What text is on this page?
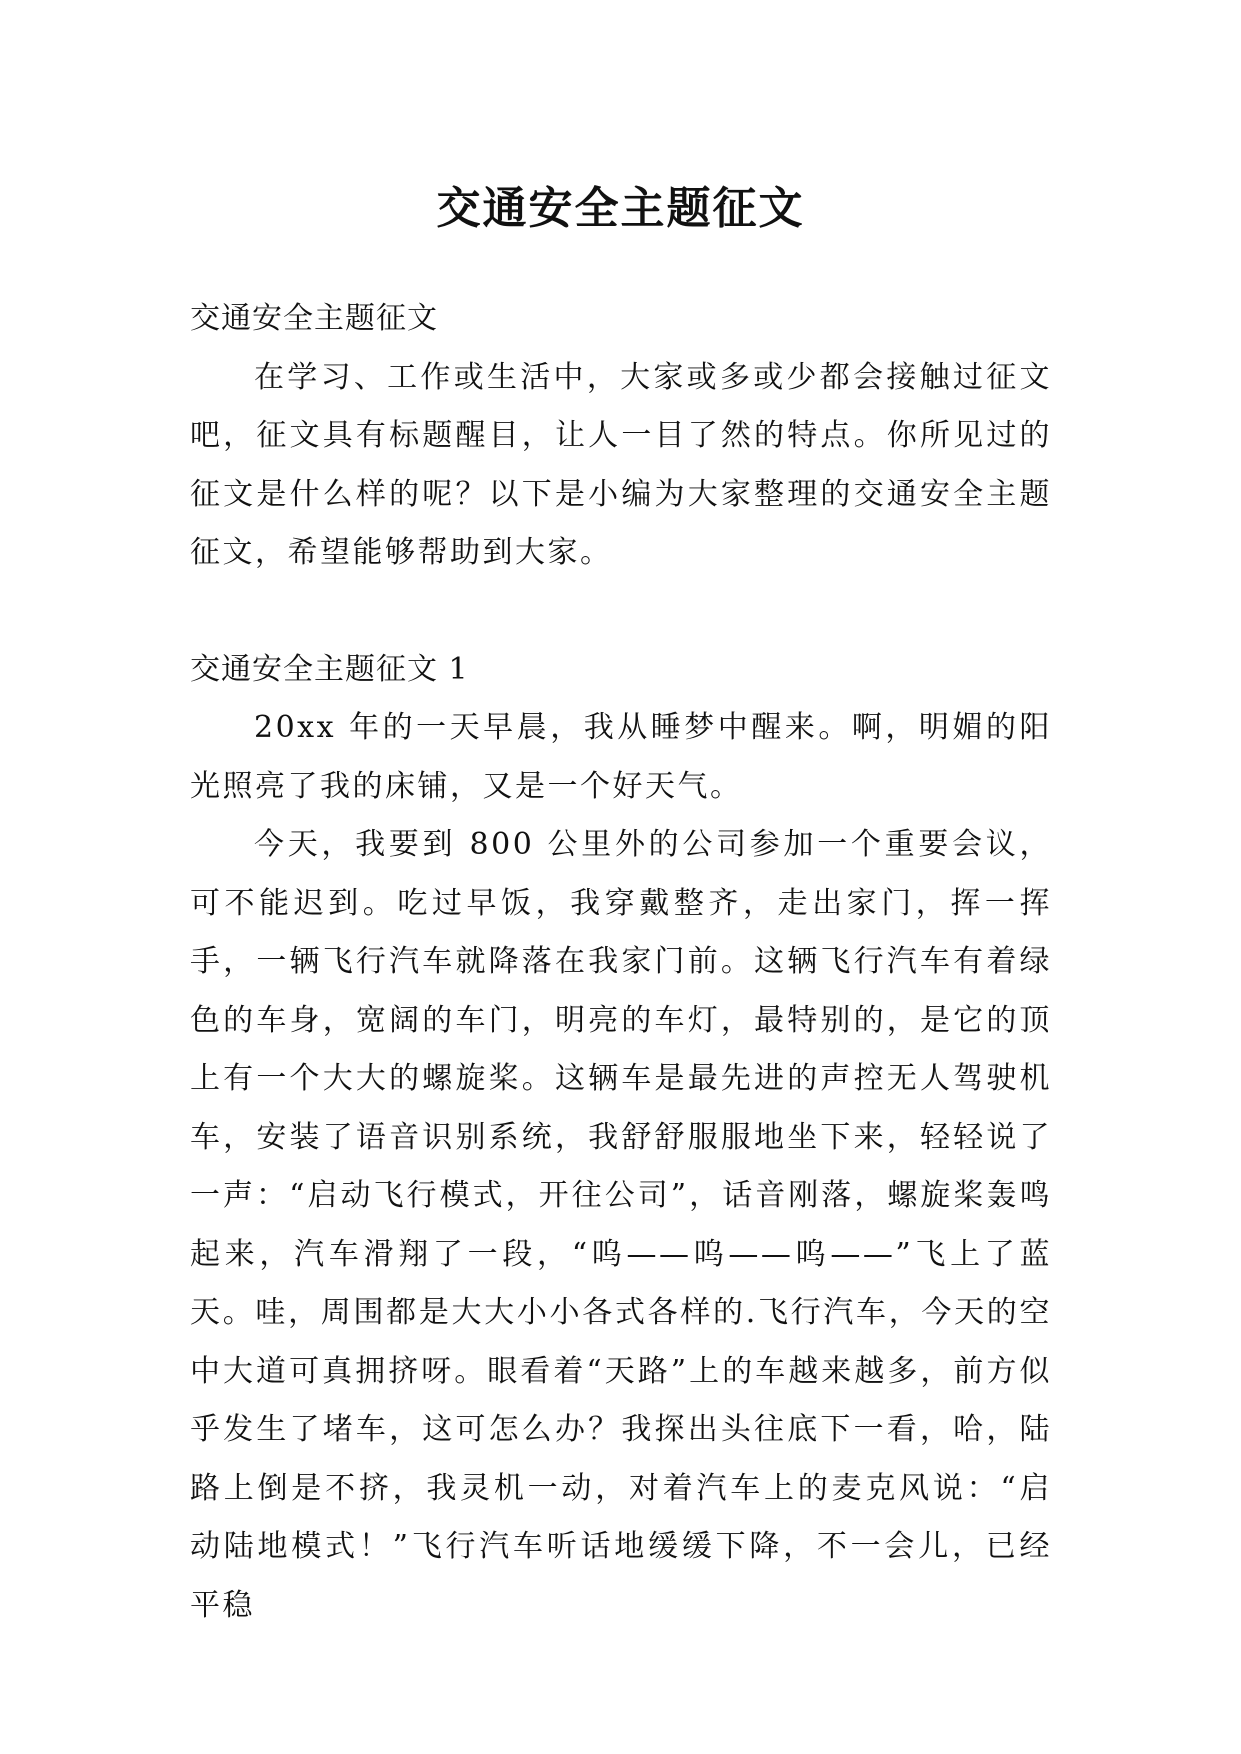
交通安全主题征文

交通安全主题征文

在学习、工作或生活中，大家或多或少都会接触过征文吧，征文具有标题醒目，让人一目了然的特点。你所见过的征文是什么样的呢？以下是小编为大家整理的交通安全主题征文，希望能够帮助到大家。

交通安全主题征文 1

20xx 年的一天早晨，我从睡梦中醒来。啊，明媚的阳光照亮了我的床铺，又是一个好天气。

今天，我要到 800 公里外的公司参加一个重要会议，可不能迟到。吃过早饭，我穿戴整齐，走出家门，挥一挥手，一辆飞行汽车就降落在我家门前。这辆飞行汽车有着绿色的车身，宽阔的车门，明亮的车灯，最特别的，是它的顶上有一个大大的螺旋桨。这辆车是最先进的声控无人驾驶机车，安装了语音识别系统，我舒舒服服地坐下来，轻轻说了一声：“启动飞行模式，开往公司”，话音刚落，螺旋桨轰鸣起来，汽车滑翔了一段，“呜——呜——呜——”飞上了蓝天。哇，周围都是大大小小各式各样的.飞行汽车，今天的空中大道可真拥挤呀。眼看着“天路”上的车越来越多，前方似乎发生了堵车，这可怎么办？我探出头往底下一看，哈，陆路上倒是不挤，我灵机一动，对着汽车上的麦克风说：“启动陆地模式！”飞行汽车听话地缓缓下降，不一会儿，已经平稳
